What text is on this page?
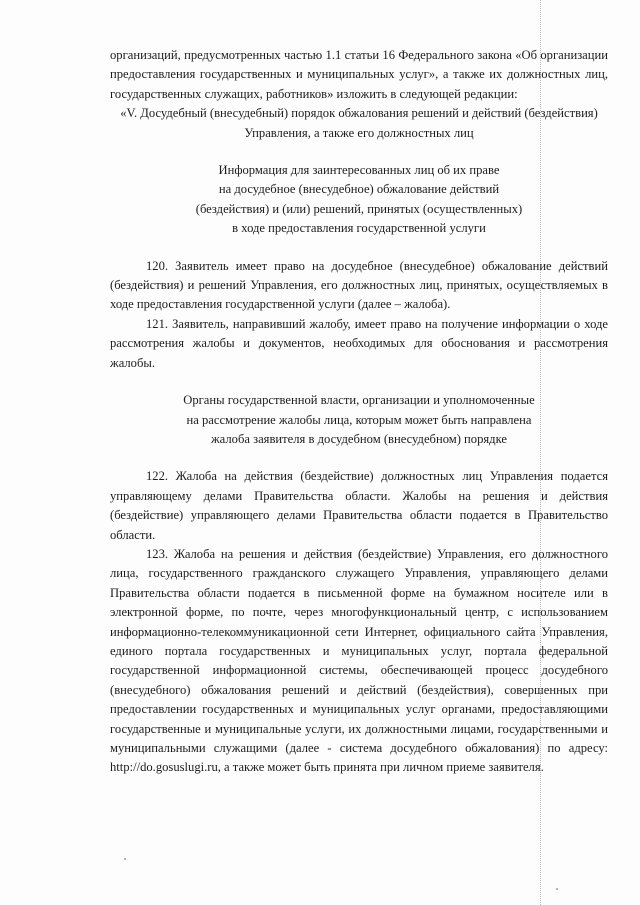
организаций, предусмотренных частью 1.1 статьи 16 Федерального закона «Об организации предоставления государственных и муниципальных услуг», а также их должностных лиц, государственных служащих, работников» изложить в следующей редакции:

«V. Досудебный (внесудебный) порядок обжалования решений и действий (бездействия) Управления, а также его должностных лиц

Информация для заинтересованных лиц об их праве

на досудебное (внесудебное) обжалование действий

(бездействия) и (или) решений, принятых (осуществленных)

в ходе предоставления государственной услуги

120. Заявитель имеет право на досудебное (внесудебное) обжалование действий (бездействия) и решений Управления, его должностных лиц, принятых, осуществляемых в ходе предоставления государственной услуги (далее – жалоба).

121. Заявитель, направивший жалобу, имеет право на получение информации о ходе рассмотрения жалобы и документов, необходимых для обоснования и рассмотрения жалобы.

Органы государственной власти, организации и уполномоченные

на рассмотрение жалобы лица, которым может быть направлена

жалоба заявителя в досудебном (внесудебном) порядке

122. Жалоба на действия (бездействие) должностных лиц Управления подается управляющему делами Правительства области. Жалобы на решения и действия (бездействие) управляющего делами Правительства области подается в Правительство области.

123. Жалоба на решения и действия (бездействие) Управления, его должностного лица, государственного гражданского служащего Управления, управляющего делами Правительства области подается в письменной форме на бумажном носителе или в электронной форме, по почте, через многофункциональный центр, с использованием информационно-телекоммуникационной сети Интернет, официального сайта Управления, единого портала государственных и муниципальных услуг, портала федеральной государственной информационной системы, обеспечивающей процесс досудебного (внесудебного) обжалования решений и действий (бездействия), совершенных при предоставлении государственных и муниципальных услуг органами, предоставляющими государственные и муниципальные услуги, их должностными лицами, государственными и муниципальными служащими (далее - система досудебного обжалования) по адресу: http://do.gosuslugi.ru, а также может быть принята при личном приеме заявителя.
